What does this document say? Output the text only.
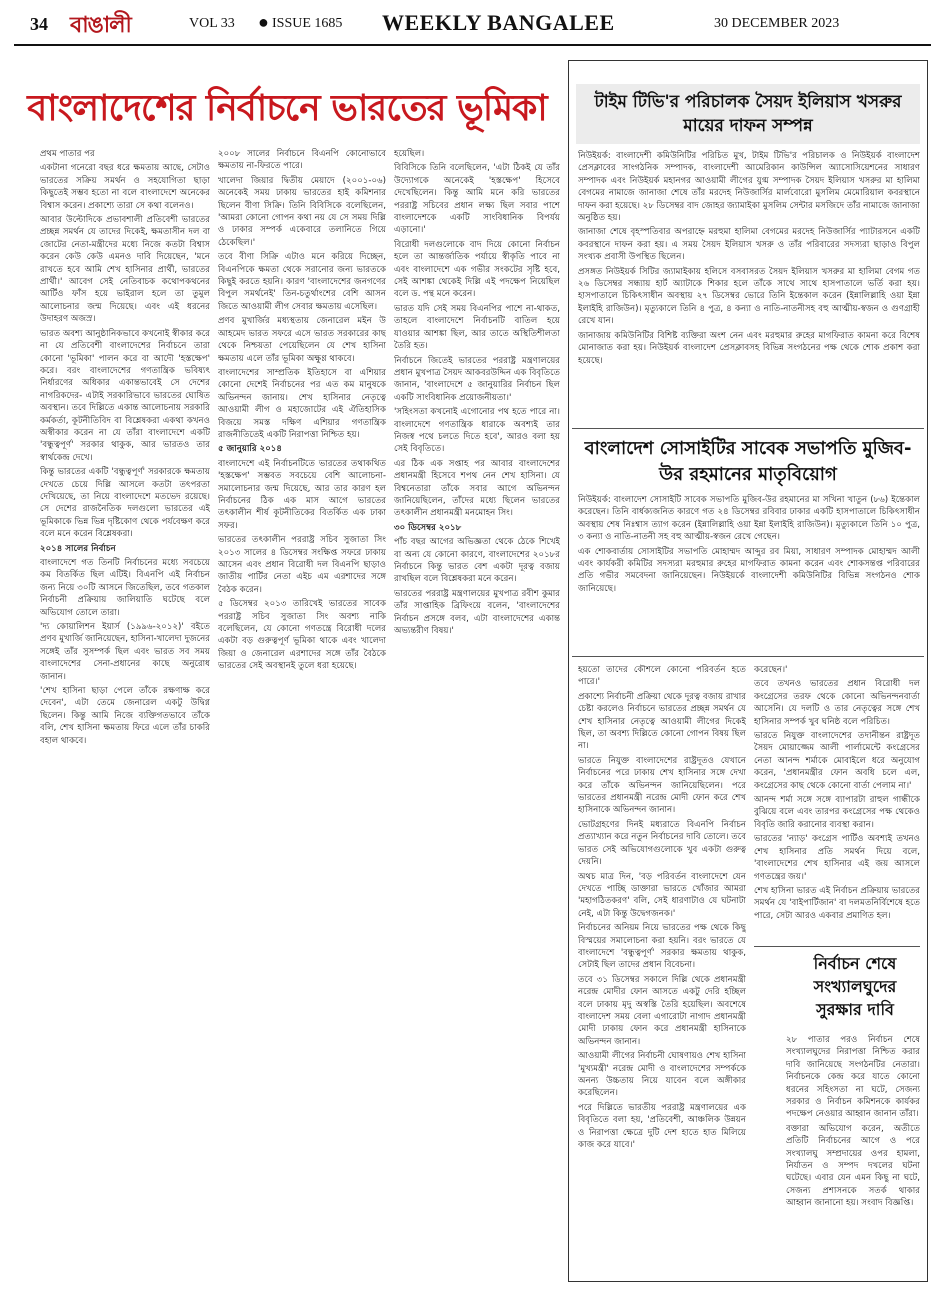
34 বাঙালী	VOL 33 ● ISSUE 1685 WEEKLY BANGALEE	30 DECEMBER 2023
বাংলাদেশের নির্বাচনে ভারতের ভূমিকা

প্রথম পাতার পর

একটানা গনেরো বছর ধরে ক্ষমতায় আছে, সেটাও ভারতের সক্রিয় সমর্থন ও সহযোগিতা ছাড়া কিছুতেই সম্ভব হতো না বলে বাংলাদেশে অনেকের বিশ্বাস করেন। প্রকাশ্যে তারা সে কথা বলেনও।

আবার উল্টোদিকে প্রভাবশালী প্রতিবেশী ভারতের প্রচ্ছন্ন সমর্থন যে তাদের দিকেই, ক্ষমতাসীন দল বা জোটের নেতা-মন্ত্রীদের মধ্যে নিজে কতটা বিশ্বাস করেন কেউ কেউ এমনও দাবি দিয়েছেন, 'মনে রাখতে হবে আমি শেখ হাসিনার প্রার্থী, ভারতের প্রার্থী।' আবেগ সেই নেতিবাচক কথোপকথনের আর্টিও ফাঁস হয়ে ভাইরাল হলে তা তুমুল আলোচনার জন্ম দিয়েছে। এবং এই ধরনের উদাহরণ অজস্র।

ভারত অবশ্য আনুষ্ঠানিকভাবে কখনোই স্বীকার করে না যে প্রতিবেশী বাংলাদেশের নির্বাচনে তারা কোনো 'ভূমিকা' পালন করে বা আদৌ 'হস্তক্ষেপ' করে। বরং বাংলাদেশের গণতান্ত্রিক ভবিষ্যৎ নির্ধারণের অধিকার একান্তভাবেই সে দেশের নাগরিকদের- এটাই সরকারিভাবে ভারতের ঘোষিত অবস্থান। তবে দিল্লিতে একান্ত আলোচনায় সরকারি কর্মকর্তা, কূটনীতিবিদ বা বিশ্লেষকরা একথা কখনও অস্বীকার করেন না যে তাঁরা বাংলাদেশে একটি 'বন্ধুত্বপূর্ণ' সরকার থাকুক, আর ভারতও তার স্বার্থকেন্দ্র দেখে।

কিন্তু ভারতের একটি 'বন্ধুত্বপূর্ণ' সরকারকে ক্ষমতায় দেখতে চেয়ে দিল্লি আসলে কতটা তৎপরতা দেখিয়েছে, তা নিয়ে বাংলাদেশে মতভেদ রয়েছে। সে দেশের রাজনৈতিক দলগুলো ভারতের এই ভূমিকাকে ভিন্ন ভিন্ন দৃষ্টিকোণ থেকে পর্যবেক্ষণ করে বলে মনে করেন বিশ্লেষকরা।

২০১৪ সালের নির্বাচন

বাংলাদেশে গত তিনটি নির্বাচনের মধ্যে সবচেয়ে কম বিতর্কিত ছিল এটিই। বিএনপি এই নির্বাচন জন্য নিয়ে ৩০টি আসনে জিতেছিল, তবে গতকাল নির্বাচনী প্রক্রিয়ায় জালিয়াতি ঘটেছে বলে অভিযোগ তোলে তারা।

'দ্য কোয়ালিশন ইয়ার্স (১৯৯৬-২০১২)' বইতে প্রণব মুখার্জি জানিয়েছেন, হাসিনা-খালেদা দুজনের সঙ্গেই তাঁর সুসম্পর্ক ছিল এবং ভারত সব সময় বাংলাদেশের সেনা-প্রধানের কাছে অনুরোধ জানান।

'শেখ হাসিনা ছাড়া পেলে তাঁকে রক্ষণাক্ষ করে দেবেন', এটা তেমে জেনারেল একটু উদ্বিগ্ন ছিলেন। কিন্তু আমি নিজে ব্যক্তিগতভাবে তাঁকে বলি, শেখ হাসিনা ক্ষমতায় ফিরে এলে তাঁর চাকরি বহাল থাকবে।

২০০৮ সালের নির্বাচনে বিএনপি কোনোভাবে ক্ষমতায় না-ফিরতে পারে।

খালেদা জিয়ার দ্বিতীয় মেয়াদে (২০০১-০৬) অনেকেই সময় ঢাকায় ভারতের হাই কমিশনার ছিলেন বীণা সিক্রি। তিনি বিবিসিকে বলেছিলেন, 'আমরা কোনো গোপন কথা নয় যে সে সময় দিল্লি ও ঢাকার সম্পর্ক একেবারে তলানিতে গিয়ে ঠেকেছিল।'

তবে বীণা সিক্রি এটাও মনে করিয়ে দিচ্ছেন, বিএনপিকে ক্ষমতা থেকে সরানোর জন্য ভারতকে কিছুই করতে হয়নি। কারণ 'বাংলাদেশের জনগণের বিপুল সমর্থনেই' তিন-চতুর্থাংশের বেশি আসন জিতে আওয়ামী লীগ সেবার ক্ষমতায় এসেছিল।

প্রণব মুখার্জির মধ্যস্থতায় জেনারেল মইন উ আহমেদ ভারত সফরে এসে ভারত সরকারের কাছ থেকে নিশ্চয়তা পেয়েছিলেন যে শেখ হাসিনা ক্ষমতায় এলে তাঁর ভূমিকা অক্ষুণ্ণ থাকবে।

বাংলাদেশের সাম্প্রতিক ইতিহাসে বা এশিয়ার কোনো দেশেই নির্বাচনের পর এত কম মানুষকে অভিনন্দন জানায়। শেখ হাসিনার নেতৃত্বে আওয়ামী লীগ ও মহাজোটের এই ঐতিহাসিক বিজয়ে সমস্ত দক্ষিণ এশিয়ার গণতান্ত্রিক রাজনীতিতেই একটি নিরাপত্তা নিশ্চিত হয়।

৫ জানুয়ারি ২০১৪

বাংলাদেশে এই নির্বাচনটিতে ভারতের তথাকথিত 'হস্তক্ষেপ' সম্ভবত সবচেয়ে বেশি আলোচনা-সমালোচনার জন্ম দিয়েছে, আর তার কারণ হল নির্বাচনের ঠিক এক মাস আগে ভারতের তৎকালীন শীর্ষ কূটনীতিকের বিতর্কিত এক ঢাকা সফর।

ভারতের তৎকালীন পররাষ্ট্র সচিব সুজাতা সিং ২০১৩ সালের ৪ ডিসেম্বর সংক্ষিপ্ত সফরে ঢাকায় আসেন এবং প্রধান বিরোধী দল বিএনপি ছাড়াও জাতীয় পার্টির নেতা এইচ এম এরশাদের সঙ্গে বৈঠক করেন।

৫ ডিসেম্বর ২০১৩ তারিখেই ভারতের সাবেক পররাষ্ট্র সচিব সুজাতা সিং অবশ্য নাকি বলেছিলেন, যে কোনো গণতন্ত্রে বিরোধী দলের একটা বড় গুরুত্বপূর্ণ ভূমিকা থাকে এবং খালেদা জিয়া ও জেনারেল এরশাদের সঙ্গে তাঁর বৈঠকে ভারতের সেই অবস্থানই তুলে ধরা হয়েছে।

হয়েছিল।

বিবিসিকে তিনি বলেছিলেন, 'এটা ঠিকই যে তাঁর উদ্যোগকে অনেকেই 'হস্তক্ষেপ' হিসেবে দেখেছিলেন। কিন্তু আমি মনে করি ভারতের পররাষ্ট্র সচিবের প্রধান লক্ষ্য ছিল সবার পাশে বাংলাদেশকে একটি সাংবিধানিক বিপর্যয় এড়ানো।'

বিরোধী দলগুলোকে বাদ দিয়ে কোনো নির্বাচন হলে তা আন্তর্জাতিক পর্যায়ে স্বীকৃতি পাবে না এবং বাংলাদেশে এক গভীর সংকটের সৃষ্টি হবে, সেই আশঙ্কা থেকেই দিল্লি এই পদক্ষেপ নিয়েছিল বলে ড. পন্থ মনে করেন।

ভারত যদি সেই সময় বিএনপির পাশে না-থাকত, তাহলে বাংলাদেশে নির্বাচনটি বাতিল হয়ে যাওয়ার আশঙ্কা ছিল, আর তাতে অস্থিতিশীলতা তৈরি হত।

নির্বাচনে জিতেই ভারতের পররাষ্ট্র মন্ত্রণালয়ের প্রধান মুখপাত্র সৈয়দ আকবরউদ্দিন এক বিবৃতিতে জানান, 'বাংলাদেশে ৫ জানুয়ারির নির্বাচন ছিল একটি সাংবিধানিক প্রয়োজনীয়তা।'

'সহিংসতা কখনোই এগোনোর পথ হতে পারে না। বাংলাদেশে গণতান্ত্রিক ধারাকে অবশ্যই তার নিজস্ব পথে চলতে দিতে হবে', আরও বলা হয় সেই বিবৃতিতে।

এর ঠিক এক সপ্তাহ পর আবার বাংলাদেশের প্রধানমন্ত্রী হিসেবে শপথ নেন শেখ হাসিনা। যে বিশ্বনেতারা তাঁকে সবার আগে অভিনন্দন জানিয়েছিলেন, তাঁদের মধ্যে ছিলেন ভারতের তৎকালীন প্রধানমন্ত্রী মনমোহন সিং।

৩০ ডিসেম্বর ২০১৮

পাঁচ বছর আগের অভিজ্ঞতা থেকে ঠেকে শিখেই বা অন্য যে কোনো কারণে, বাংলাদেশের ২০১৮র নির্বাচনে কিন্তু ভারত বেশ একটা দূরত্ব বজায় রাখছিল বলে বিশ্লেষকরা মনে করেন।

ভারতের পররাষ্ট্র মন্ত্রণালয়ের মুখপাত্র রবীশ কুমার তাঁর সাপ্তাহিক ব্রিফিংয়ে বলেন, 'বাংলাদেশের নির্বাচন প্রসঙ্গে বলব, এটা বাংলাদেশের একান্ত অভ্যন্তরীণ বিষয়।'

টাইম টিভি'র পরিচালক সৈয়দ ইলিয়াস খসরুর মায়ের দাফন সম্পন্ন

নিউইয়র্ক: বাংলাদেশী কমিউনিটির পরিচিত মুখ, টাইম টিভি'র পরিচালক ও নিউইয়র্ক বাংলাদেশ প্রেসক্লাবের সাংগঠনিক সম্পাদক, বাংলাদেশী আমেরিকান কাউন্সিল অ্যাসোসিয়েশনের সাধারণ সম্পাদক এবং নিউইয়র্ক মহানগর আওয়ামী লীগের যুগ্ম সম্পাদক সৈয়দ ইলিয়াস খসরুর মা হালিমা বেগমের নামাজে জানাজা শেষে তাঁর মরদেহ নিউজার্সির মার্লবোরো মুসলিম মেমোরিয়াল কবরস্থানে দাফন করা হয়েছে। ২৮ ডিসেম্বর বাদ জোহর জ্যামাইকা মুসলিম সেন্টার মসজিদে তাঁর নামাজে জানাজা অনুষ্ঠিত হয়।

জানাজা শেষে বৃহস্পতিবার অপরাহ্নে মরহুমা হালিমা বেগমের মরদেহ নিউজার্সির প্যাটারসনে একটি কবরস্থানে দাফন করা হয়। এ সময় সৈয়দ ইলিয়াস খসরু ও তাঁর পরিবারের সদস্যরা ছাড়াও বিপুল সংখ্যক প্রবাসী উপস্থিত ছিলেন।

প্রসঙ্গত নিউইয়র্ক সিটির জ্যামাইকায় হলিসে বসবাসরত সৈয়দ ইলিয়াস খসরুর মা হালিমা বেগম গত ২৬ ডিসেম্বর সন্ধ্যায় হার্ট অ্যাটাকে শিকার হলে তাঁকে সাথে সাথে হাসপাতালে ভর্তি করা হয়। হাসপাতালে চিকিৎসাধীন অবস্থায় ২৭ ডিসেম্বর ভোরে তিনি ইন্তেকাল করেন (ইন্নালিল্লাহি ওয়া ইন্না ইলাইহি রাজিউন)। মৃত্যুকালে তিনি ৪ পুত্র, ৪ কন্যা ও নাতি-নাতনীসহ বহু আত্মীয়-স্বজন ও গুণগ্রাহী রেখে যান।

জানাজায় কমিউনিটির বিশিষ্ট ব্যক্তিরা অংশ নেন এবং মরহুমার রুহের মাগফিরাত কামনা করে বিশেষ মোনাজাত করা হয়। নিউইয়র্ক বাংলাদেশ প্রেসক্লাবসহ বিভিন্ন সংগঠনের পক্ষ থেকে শোক প্রকাশ করা হয়েছে।

বাংলাদেশ সোসাইটির সাবেক সভাপতি মুজিব-উর রহমানের মাতৃবিয়োগ

নিউইয়র্ক: বাংলাদেশ সোসাইটি সাবেক সভাপতি মুজিব-উর রহমানের মা সখিনা খাতুন (৮৬) ইন্তেকাল করেছেন। তিনি বার্ধক্যজনিত কারণে গত ২৪ ডিসেম্বর রবিবার ঢাকার একটি হাসপাতালে চিকিৎসাধীন অবস্থায় শেষ নিঃশ্বাস ত্যাগ করেন (ইন্নালিল্লাহি ওয়া ইন্না ইলাইহি রাজিউন)। মৃত্যুকালে তিনি ১০ পুত্র, ৩ কন্যা ও নাতি-নাতনী সহ বহু আত্মীয়-স্বজন রেখে গেছেন।

এক শোকবার্তায় সোসাইটির সভাপতি মোহাম্মদ আব্দুর রব মিয়া, সাধারণ সম্পাদক মোহাম্মদ আলী এবং কার্যকরী কমিটির সদস্যরা মরহুমার রুহের মাগফিরাত কামনা করেন এবং শোকসন্তপ্ত পরিবারের প্রতি গভীর সমবেদনা জানিয়েছেন। নিউইয়র্কে বাংলাদেশী কমিউনিটির বিভিন্ন সংগঠনও শোক জানিয়েছে।

হয়তো তাদের কৌশলে কোনো পরিবর্তন হতে পারে।'

প্রকাশ্যে নির্বাচনী প্রক্রিয়া থেকে দূরত্ব বজায় রাখার চেষ্টা করলেও নির্বাচনে ভারতের প্রচ্ছন্ন সমর্থন যে শেখ হাসিনার নেতৃত্বে আওয়ামী লীগের দিকেই ছিল, তা অবশ্য দিল্লিতে কোনো গোপন বিষয় ছিল না।

ভারতে নিযুক্ত বাংলাদেশের রাষ্ট্রদূতও যেখানে নির্বাচনের পরে ঢাকায় শেখ হাসিনার সঙ্গে দেখা করে তাঁকে অভিনন্দন জানিয়েছিলেন। পরে ভারতের প্রধানমন্ত্রী নরেন্দ্র মোদী ফোন করে শেখ হাসিনাকে অভিনন্দন জানান।

ভোটগ্রহণের দিনই মধ্যরাতে বিএনপি নির্বাচন প্রত্যাখ্যান করে নতুন নির্বাচনের দাবি তোলে। তবে ভারত সেই অভিযোগগুলোকে খুব একটা গুরুত্ব দেয়নি।

অথচ মাত্র দিন, 'বড় পরিবর্তন বাংলাদেশে যেন দেখতে পাচ্ছি ডাক্তারা ভারতে খোঁজার আমরা 'মহাগঠিতকরণ' বলি, সেই ধারণাটাও যে ঘটনাটা নেই, এটা কিন্তু উদ্বেগজনক।'

নির্বাচনের অনিয়ম নিয়ে ভারতের পক্ষ থেকে কিছু বিস্ময়ের সমালোচনা করা হয়নি। বরং ভারতে যে বাংলাদেশে 'বন্ধুত্বপূর্ণ' সরকার ক্ষমতায় থাকুক, সেটাই ছিল তাদের প্রধান বিবেচনা।

তবে ৩১ ডিসেম্বর সকালে দিল্লি থেকে প্রধানমন্ত্রী নরেন্দ্র মোদীর ফোন আসতে একটু দেরি হচ্ছিল বলে ঢাকায় মৃদু অস্বস্তি তৈরি হয়েছিল। অবশেষে বাংলাদেশ সময় বেলা এগারোটা নাগাদ প্রধানমন্ত্রী মোদী ঢাকায় ফোন করে প্রধানমন্ত্রী হাসিনাকে অভিনন্দন জানান।

আওয়ামী লীগের নির্বাচনী ঘোষণায়ও শেখ হাসিনা 'মুখ্যমন্ত্রী' নরেন্দ্র মোদী ও বাংলাদেশের সম্পর্ককে অনন্য উচ্চতায় নিয়ে যাবেন বলে অঙ্গীকার করেছিলেন।

পরে দিল্লিতে ভারতীয় পররাষ্ট্র মন্ত্রণালয়ের এক বিবৃতিতে বলা হয়, 'প্রতিবেশী, আঞ্চলিক উন্নয়ন ও নিরাপত্তা ক্ষেত্রে দুটি দেশ হাতে হাত মিলিয়ে কাজ করে যাবে।'

করেছেন।'

তবে তখনও ভারতের প্রধান বিরোধী দল কংগ্রেসের তরফ থেকে কোনো অভিনন্দনবার্তা আসেনি। যে দলটি ও তার নেতৃত্বের সঙ্গে শেখ হাসিনার সম্পর্ক খুব ঘনিষ্ঠ বলে পরিচিত।

ভারতে নিযুক্ত বাংলাদেশের তদানীন্তন রাষ্ট্রদূত সৈয়দ মোয়াজ্জেম আলী পার্লামেন্টে কংগ্রেসের নেতা আনন্দ শর্মাকে মোবাইলে ধরে অনুযোগ করেন, 'প্রধানমন্ত্রীর ফোন অবধি চলে এল, কংগ্রেসের কাছ থেকে কোনো বার্তা পেলাম না।'

আনন্দ শর্মা সঙ্গে সঙ্গে ব্যাপারটা রাহুল গান্ধীকে বুঝিয়ে বলে এবং তারপর কংগ্রেসের পক্ষ থেকেও বিবৃতি জারি করানোর ব্যবস্থা করান।

ভারতের 'ন্যাড়' কংগ্রেস পার্টিও অবশ্যই তখনও শেখ হাসিনার প্রতি সমর্থন দিয়ে বলে, 'বাংলাদেশের শেখ হাসিনার এই জয় আসলে গণতন্ত্রের জয়।'

শেখ হাসিনা ভারত এই নির্বাচন প্রক্রিয়ায় ভারতের সমর্থন যে 'বাইপার্টিজান' বা দলমতনির্বিশেষে হতে পারে, সেটা আরও একবার প্রমাণিত হল।

নির্বাচন শেষে সংখ্যালঘুদের সুরক্ষার দাবি

২৮ পাতার পরও নির্বাচন শেষে সংখ্যালঘুদের নিরাপত্তা নিশ্চিত করার দাবি জানিয়েছে সংগঠনটির নেতারা। নির্বাচনকে কেন্দ্র করে যাতে কোনো ধরনের সহিংসতা না ঘটে, সেজন্য সরকার ও নির্বাচন কমিশনকে কার্যকর পদক্ষেপ নেওয়ার আহ্বান জানান তাঁরা।

বক্তারা অভিযোগ করেন, অতীতে প্রতিটি নির্বাচনের আগে ও পরে সংখ্যালঘু সম্প্রদায়ের ওপর হামলা, নির্যাতন ও সম্পদ দখলের ঘটনা ঘটেছে। এবার যেন এমন কিছু না ঘটে, সেজন্য প্রশাসনকে সতর্ক থাকার আহ্বান জানানো হয়। সংবাদ বিজ্ঞপ্তি।
